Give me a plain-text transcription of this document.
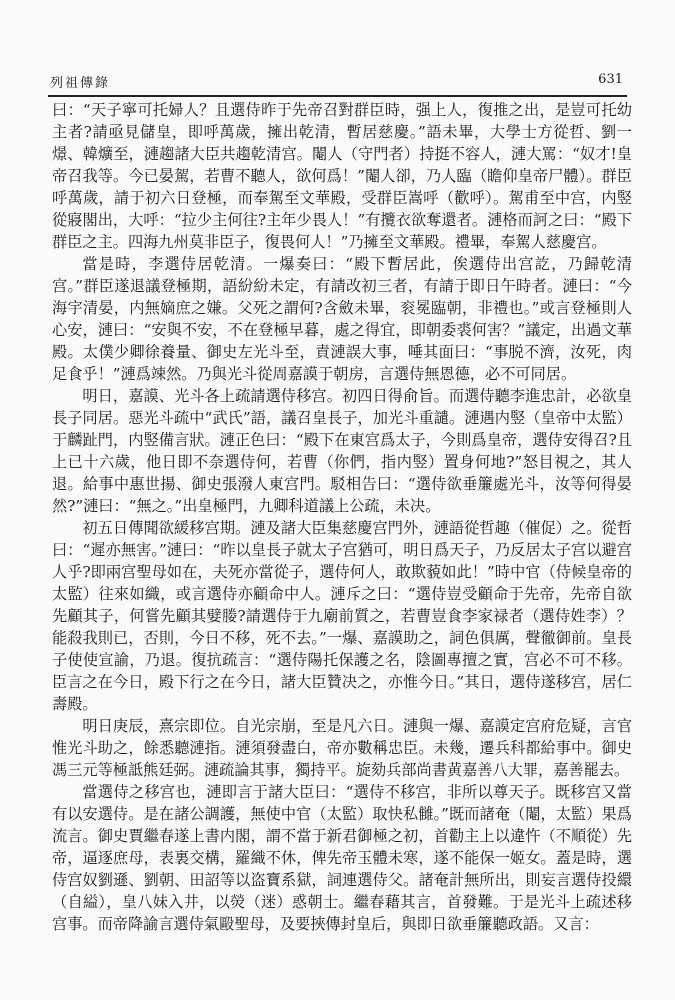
列祖傳錄	631

曰：“天子寧可托婦人？且選侍昨于先帝召對群臣時，强上人，復推之出，是豈可托幼主者?請亟見儲皇，即呼萬歲，擁出乾清，暫居慈慶。”語未畢，大學士方從哲、劉一燝、韓爌至，漣趨諸大臣共趨乾清宫。閹人（守門者）持挺不容人，漣大罵：“奴才!皇帝召我等。今已晏駕，若曹不聽人，欲何爲！”閹人卻，乃人臨（瞻仰皇帝尸體）。群臣呼萬歲，請于初六日登極，而奉駕至文華殿，受群臣嵩呼（歡呼）。駕甫至中宫，内竪從寢閣出，大呼：“拉少主何往?主年少畏人！”有攬衣欲奪還者。漣格而訶之曰：“殿下群臣之主。四海九州莫非臣子，復畏何人！”乃擁至文華殿。禮畢，奉駕人慈慶宫。

當是時，李選侍居乾清。一爆奏曰：“殿下暫居此，俟選侍出宫訖，乃歸乾清宫。”群臣遂退議登極期，語紛紛未定，有請改初三者，有請于即日午時者。漣曰：“今海宇清晏，内無嫡庶之嫌。父死之謂何?含斂未畢，衮冕臨朝，非禮也。”或言登極則人心安，漣曰：“安與不安，不在登極早暮，處之得宜，即朝委裘何害？”議定，出過文華殿。太僕少卿徐養量、御史左光斗至，責漣誤大事，唾其面曰：“事脱不濟，汝死，肉足食乎！”漣爲竦然。乃與光斗從周嘉謨于朝房，言選侍無恩德，必不可同居。

明日，嘉謨、光斗各上疏請選侍移宫。初四日得俞旨。而選侍聽李進忠計，必欲皇長子同居。惡光斗疏中“武氏”語，議召皇長子，加光斗重譴。漣遇内竪（皇帝中太監）于麟趾門，内竪備言狀。漣正色曰：“殿下在東宫爲太子，今則爲皇帝，選侍安得召?且上已十六歲，他日即不奈選侍何，若曹（你們，指内竪）置身何地?”怒目視之，其人退。給事中惠世揚、御史張潑人東宫門。駁相告曰：“選侍欲垂簾處光斗，汝等何得晏然?”漣曰：“無之。”出皇極門，九卿科道議上公疏，未决。

初五日傳聞欲緩移宫期。漣及諸大臣集慈慶宫門外，漣語從哲趣（催促）之。從哲曰：“遲亦無害。”漣曰：“昨以皇長子就太子宫猶可，明日爲天子，乃反居太子宫以避宫人乎?即兩宫聖母如在，夫死亦當從子，選侍何人，敢欺藐如此！”時中官（侍候皇帝的太監）往來如織，或言選侍亦顧命中人。漣斥之曰：“選侍豈受顧命于先帝，先帝自欲先顧其子，何嘗先顧其嬖媵?請選侍于九廟前質之，若曹豈食李家禄者（選侍姓李）？能殺我則已，否則，今日不移，死不去。”一爆、嘉謨助之，詞色俱厲，聲徹御前。皇長子使使宣諭，乃退。復抗疏言：“選侍陽托保護之名，陰圖專擅之實，宫必不可不移。臣言之在今日，殿下行之在今日，諸大臣贊决之，亦惟今日。”其日，選侍遂移宫，居仁壽殿。

明日庚辰，熹宗即位。自光宗崩，至是凡六日。漣與一爆、嘉謨定宫府危疑，言官惟光斗助之，餘悉聽漣指。漣須發盡白，帝亦數稱忠臣。未幾，遷兵科都給事中。御史馮三元等極詆熊廷弼。漣疏論其事，獨持平。旋劾兵部尚書黄嘉善八大罪，嘉善罷去。

當選侍之移宫也，漣即言于諸大臣曰：“選侍不移宫，非所以尊天子。既移宫又當有以安選侍。是在諸公調護，無使中官（太監）取快私雠。”既而諸奄（閹，太監）果爲流言。御史賈繼春遂上書内閣，謂不當于新君御極之初，首勸主上以違忤（不順從）先帝，逼逐庶母，表裏交構，羅織不休，俾先帝玉體未寒，遂不能保一姬女。蓋是時，選侍宫奴劉遜、劉朝、田詔等以盗寶系獄，詞連選侍父。諸奄計無所出，則妄言選侍投繯（自縊），皇八妹入井，以熒（迷）惑朝士。繼春藉其言，首發難。于是光斗上疏述移宫事。而帝降諭言選侍氣毆聖母，及要挾傳封皇后，與即日欲垂簾聽政語。又言：
